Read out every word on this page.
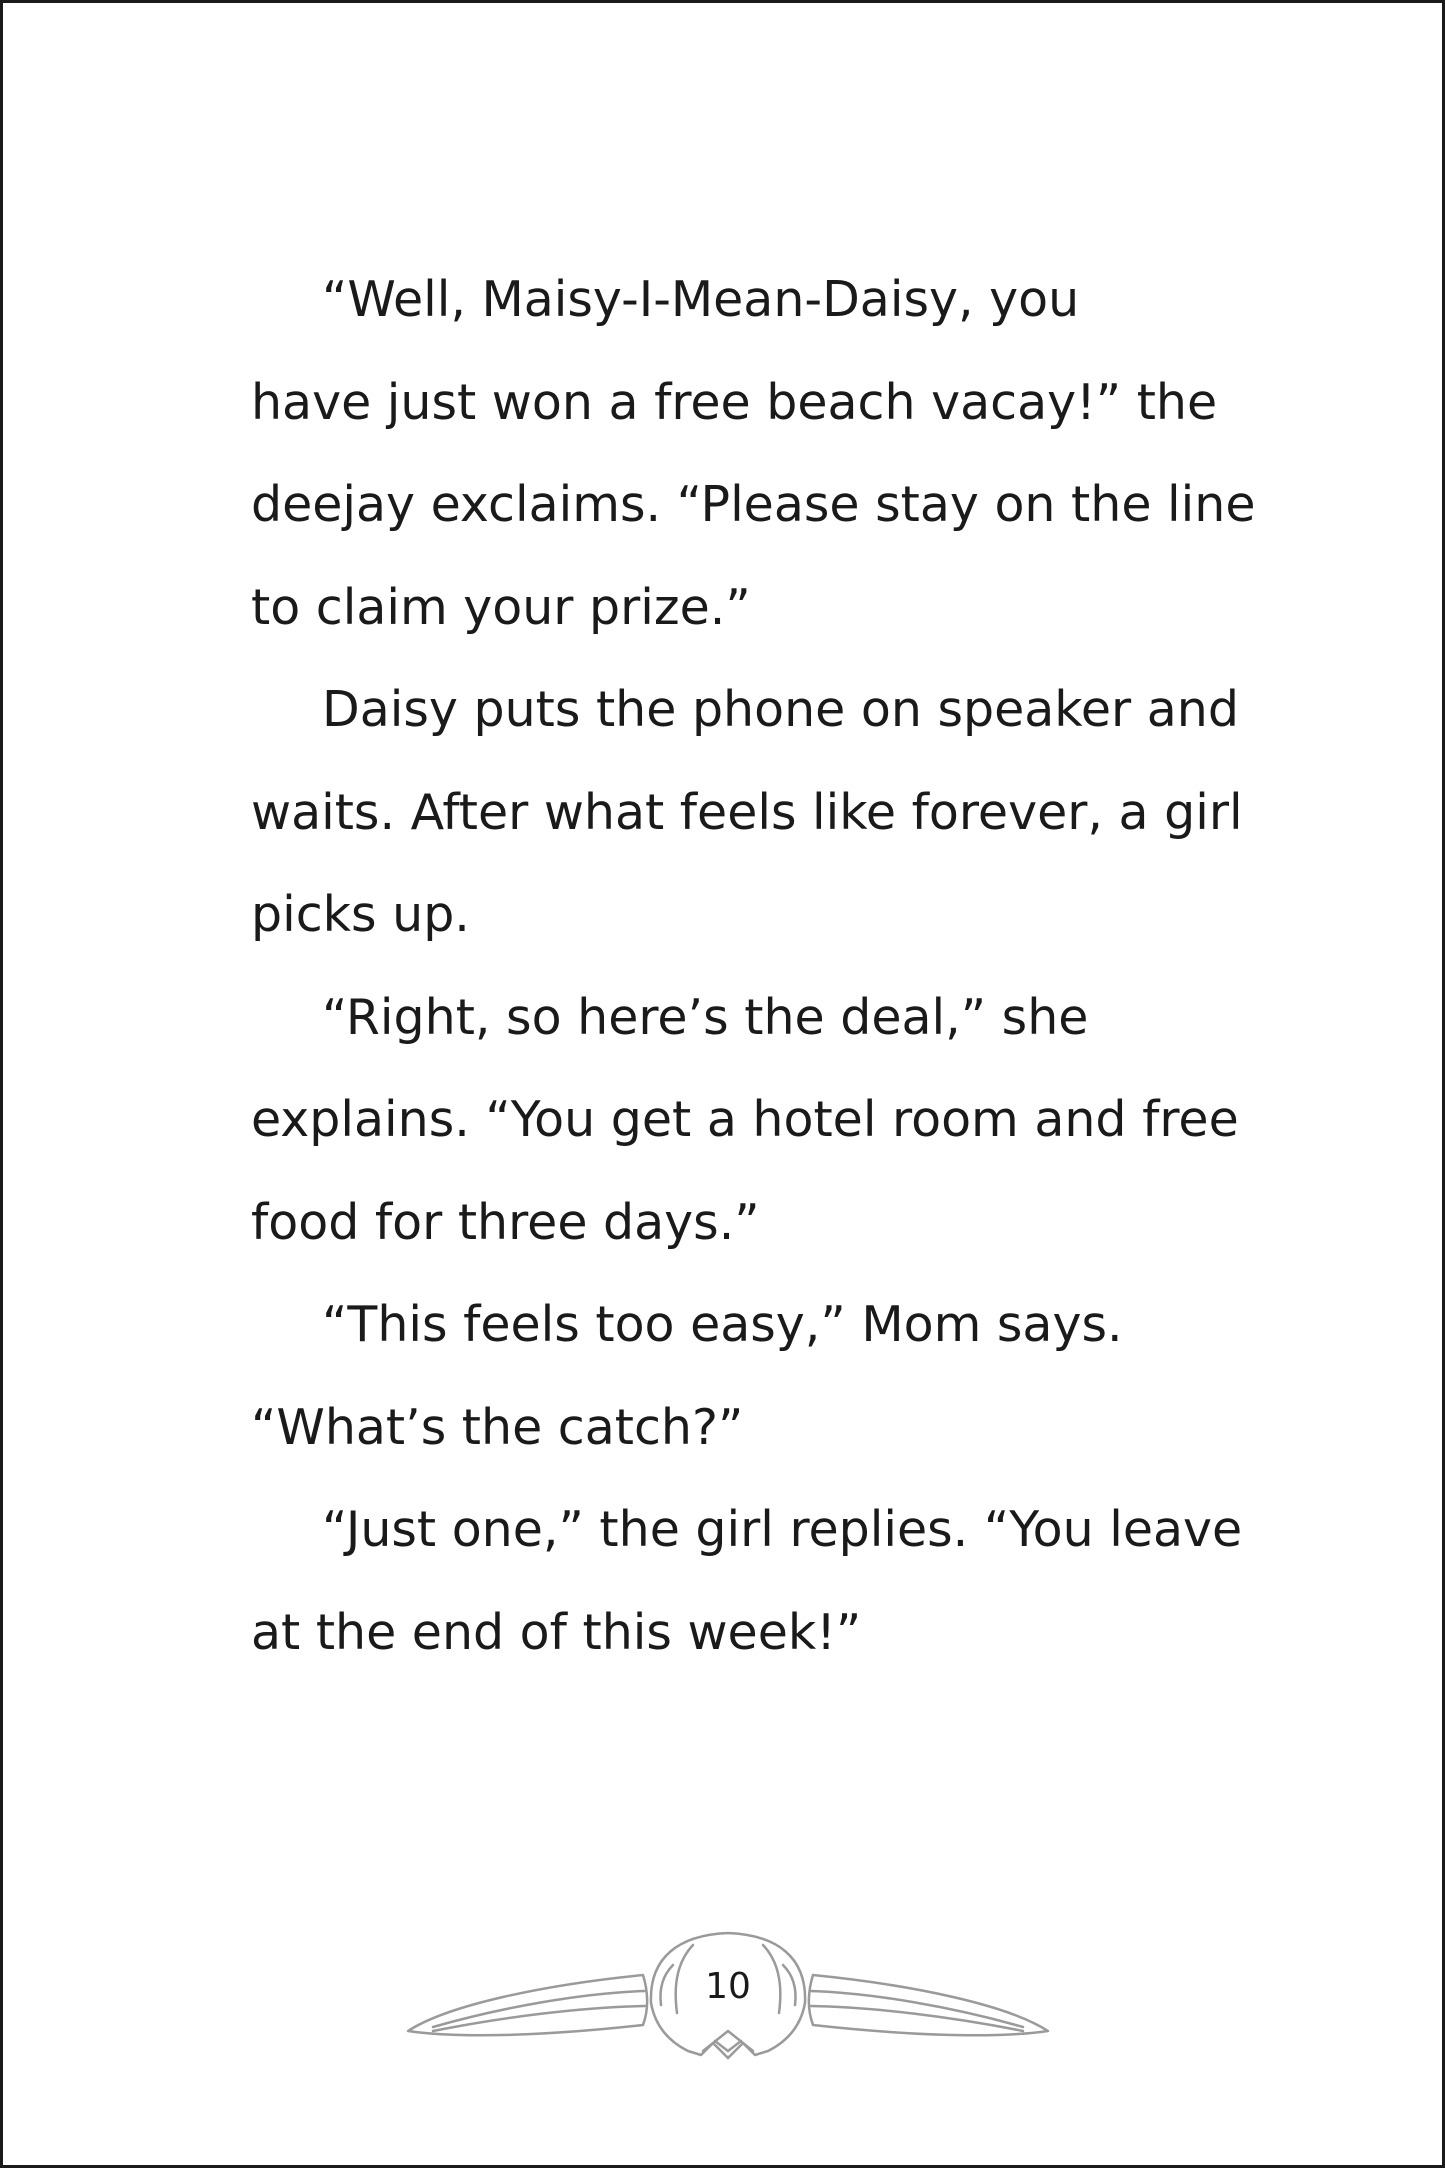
“Well, Maisy-I-Mean-Daisy, you
have just won a free beach vacay!” the
deejay exclaims. “Please stay on the line
to claim your prize.”
Daisy puts the phone on speaker and
waits. After what feels like forever, a girl
picks up.
“Right, so here’s the deal,” she
explains. “You get a hotel room and free
food for three days.”
“This feels too easy,” Mom says.
“What’s the catch?”
“Just one,” the girl replies. “You leave
at the end of this week!”
10
